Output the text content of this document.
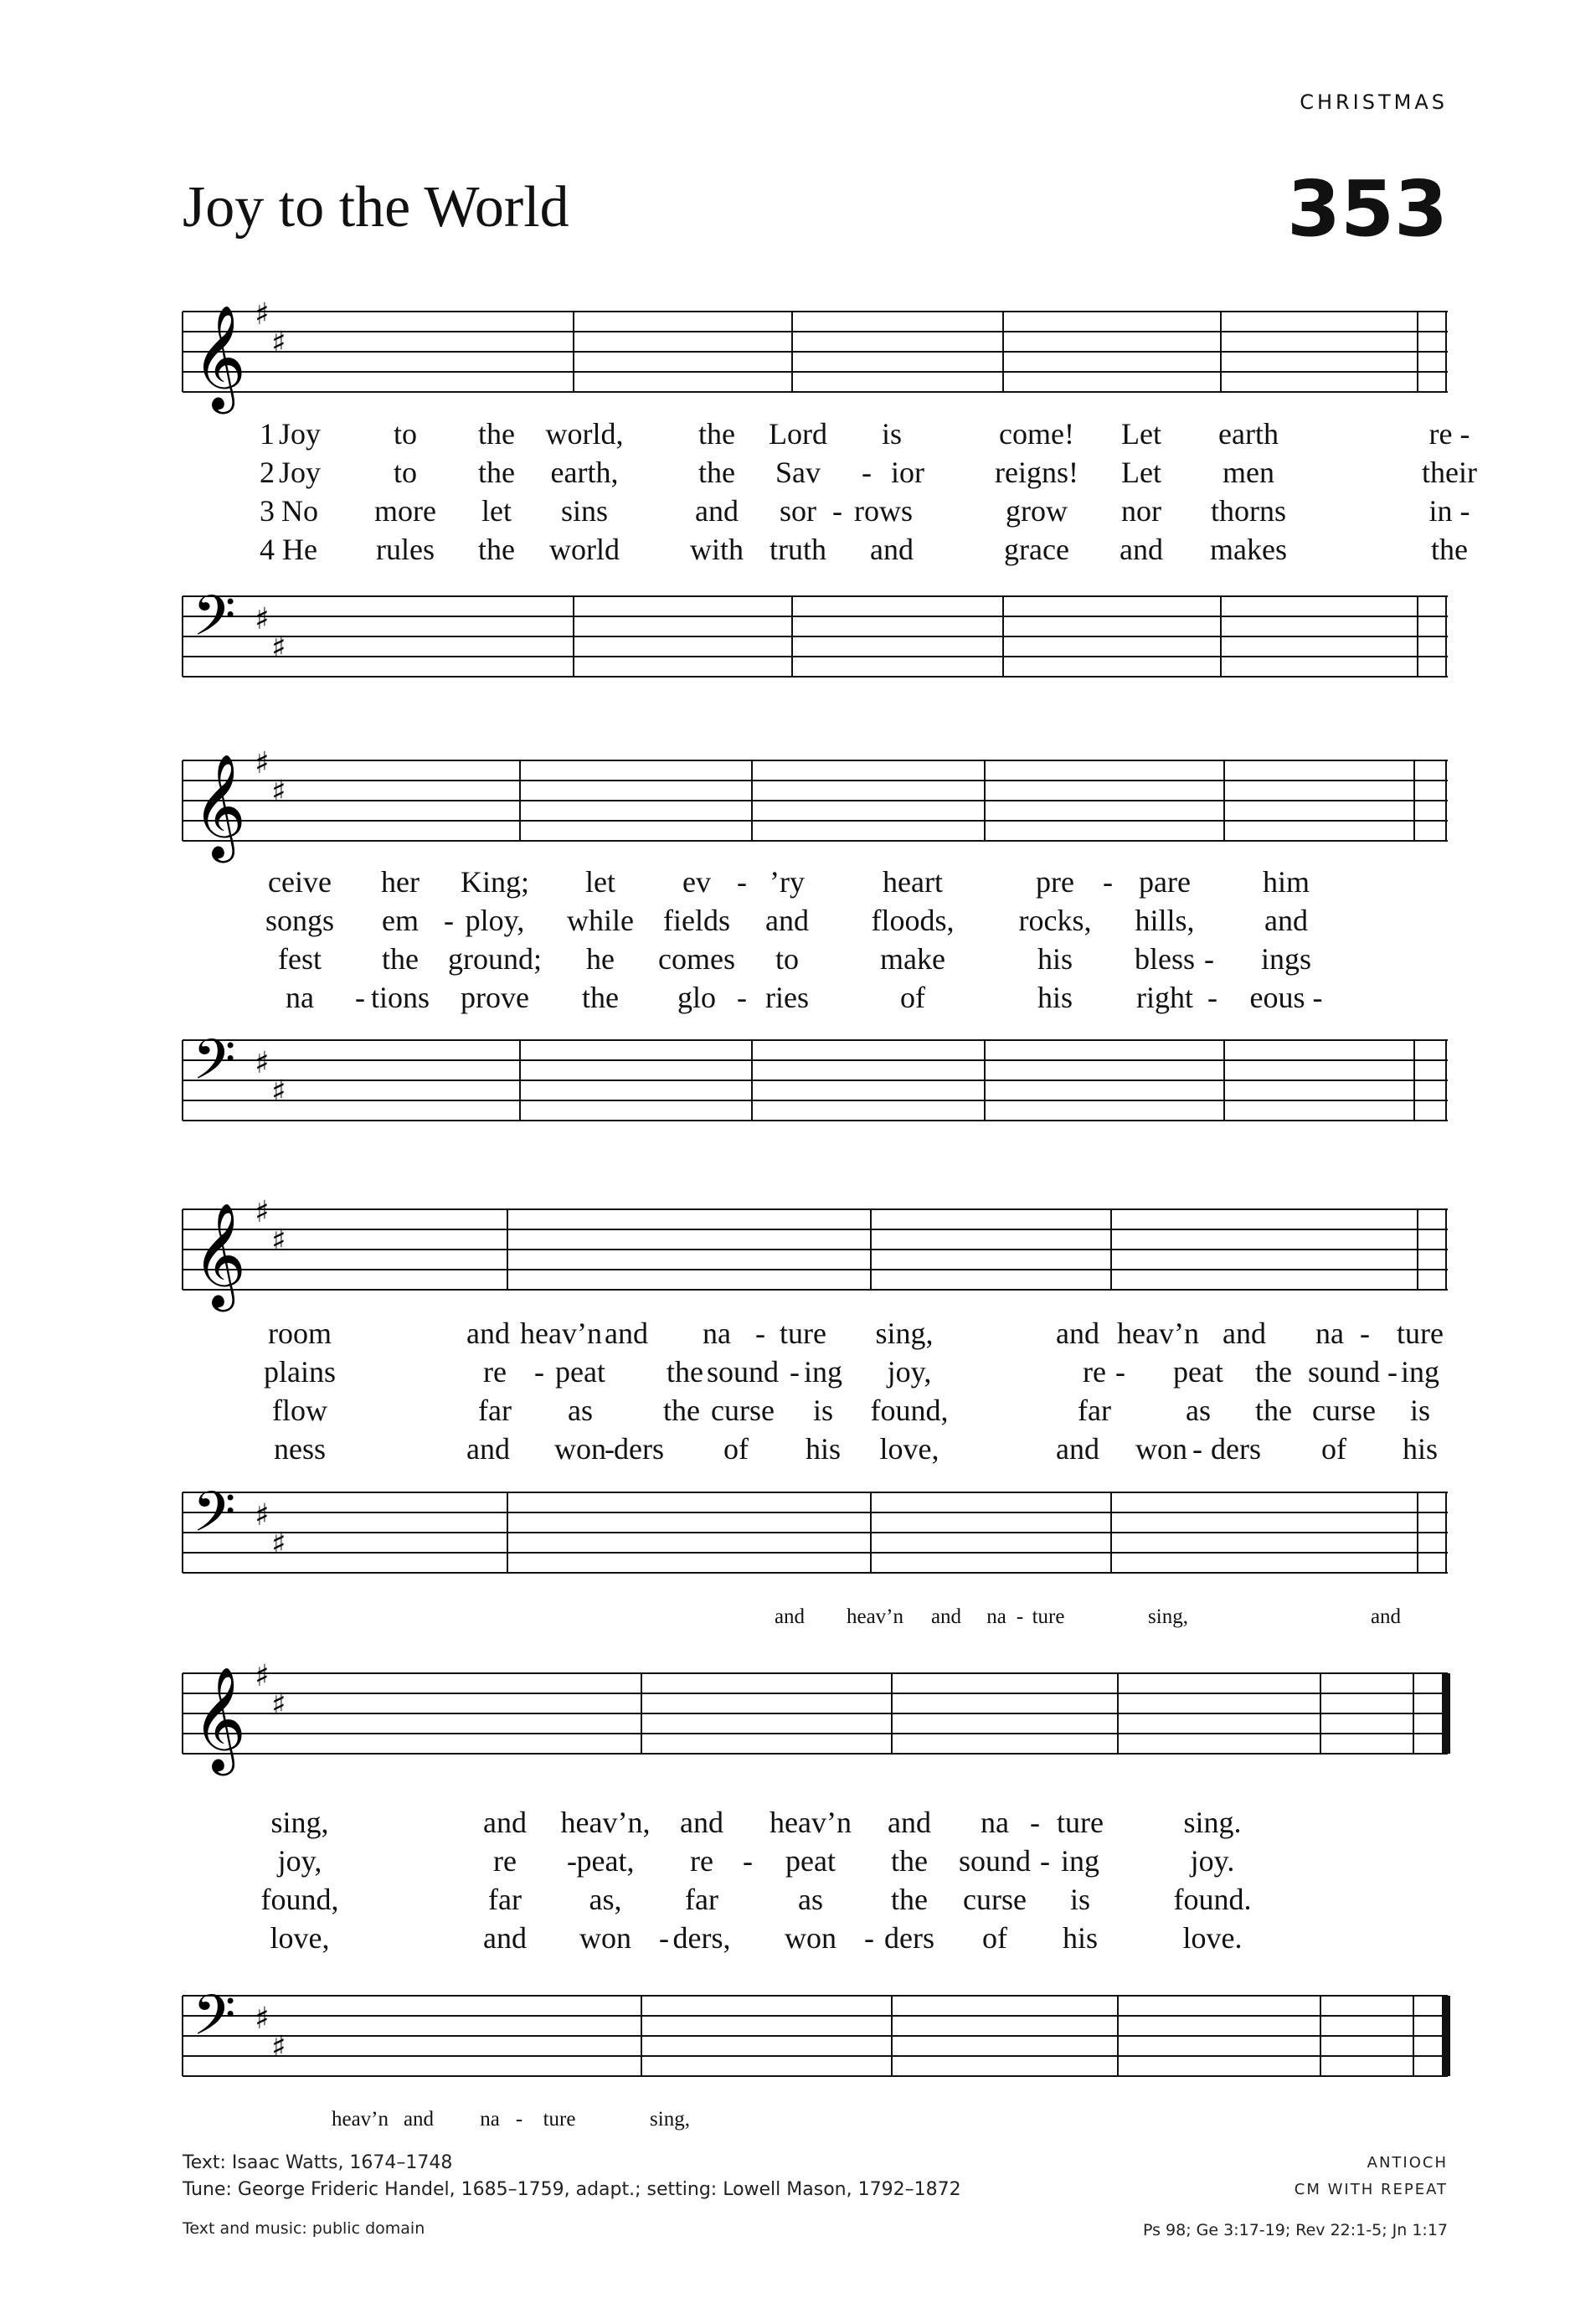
CHRISTMAS
Joy to the World	353
𝄞 ♯
♯
1 Joy to the world, the Lord is	come! Let earth	re -
2 Joy to the earth,	the Sav - ior reigns! Let men	their
3 No more let sins	and sor - rows	grow nor thorns	in -
4 He rules the world with truth and	grace and makes	the
𝄢 ♯
♯
𝄞 ♯
♯
ceive her King; let ev - ’ry	heart	pre - pare him
songs em - ploy, while fields and floods, rocks, hills, and
fest the ground; he comes to	make	his bless - ings
na - tions prove the glo - ries	of	his right - eous -
𝄢 ♯
♯
𝄞 ♯
♯
room	and heav’n and na - ture sing,	and heav’n and na - ture
plains	re - peat the sound - ing joy,	re - peat the sound - ing
flow	far as the curse is found,	far as the curse is
ness	and won
- ders of his love,	and won - ders of his
𝄢 ♯
♯
and heav’n and na - ture	sing,	and
𝄞 ♯
♯
sing,	and heav’n, and heav’n and na - ture	sing.
joy,	re - peat, re - peat the sound - ing	joy.
found,	far as, far	as the curse is	found.
love,	and won - ders, won - ders of his	love.
𝄢 ♯
♯
heav’n and na - ture	sing,
Text: Isaac Watts, 1674–1748
Tune: George Frideric Handel, 1685–1759, adapt.; setting: Lowell Mason, 1792–1872
Text and music: public domain
ANTIOCH
CM WITH REPEAT
Ps 98; Ge 3:17-19; Rev 22:1-5; Jn 1:17
